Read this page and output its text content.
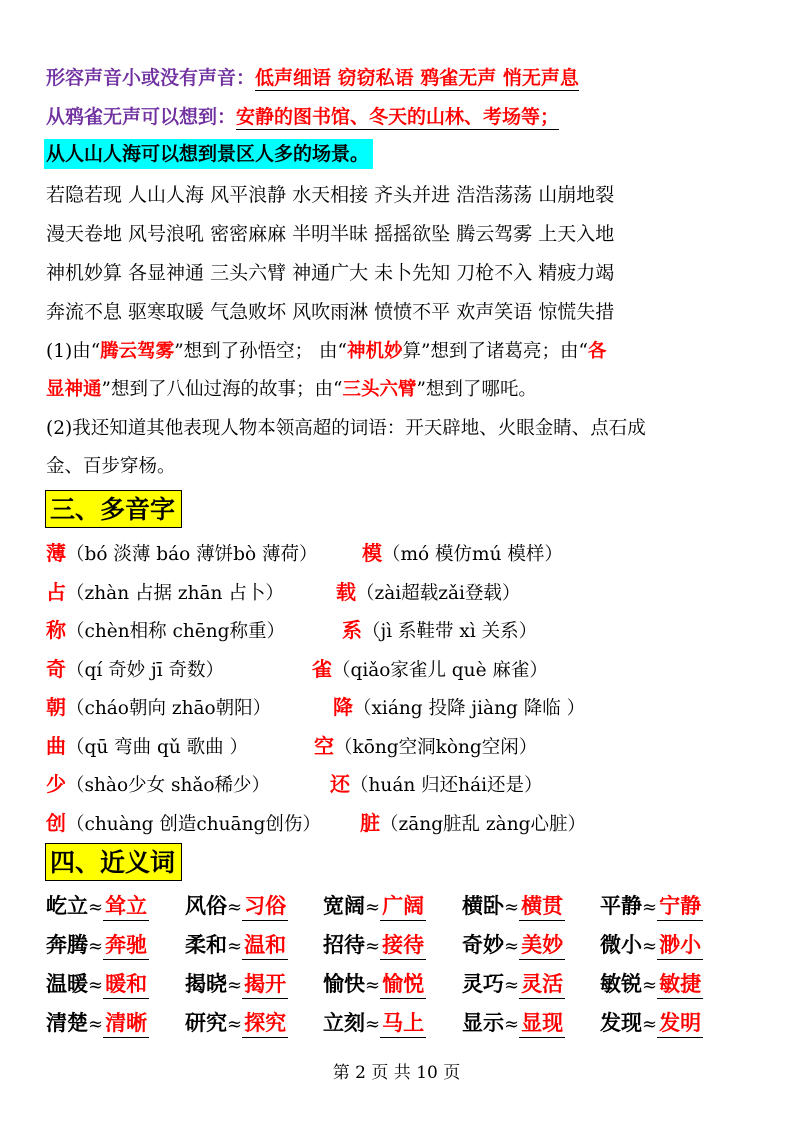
形容声音小或没有声音：低声细语 窃窃私语 鸦雀无声 悄无声息
从鸦雀无声可以想到：安静的图书馆、冬天的山林、考场等；
从人山人海可以想到景区人多的场景。
若隐若现 人山人海 风平浪静 水天相接 齐头并进 浩浩荡荡 山崩地裂
漫天卷地 风号浪吼 密密麻麻 半明半昧 摇摇欲坠 腾云驾雾 上天入地
神机妙算 各显神通 三头六臂 神通广大 未卜先知 刀枪不入 精疲力竭
奔流不息 驱寒取暖 气急败坏 风吹雨淋 愤愤不平 欢声笑语 惊慌失措
(1)由“腾云驾雾”想到了孙悟空； 由“神机妙算”想到了诸葛亮；由“各
显神通”想到了八仙过海的故事；由“三头六臂”想到了哪吒。
(2)我还知道其他表现人物本领高超的词语：开天辟地、火眼金睛、点石成
金、百步穿杨。
三、多音字
薄（bó 淡薄 báo 薄饼bò 薄荷） 模（mó 模仿mú 模样）
占（zhàn 占据 zhān 占卜）	载（zài超载zǎi登载）
称（chèn相称 chēng称重）	系（jì 系鞋带 xì 关系）
奇（qí 奇妙 jī 奇数）	雀（qiǎo家雀儿 què 麻雀）
朝（cháo朝向 zhāo朝阳）	降（xiáng 投降 jiàng 降临 ）
曲（qū 弯曲 qǔ 歌曲 ）	空（kōng空洞kòng空闲）
少（shào少女 shǎo稀少）	还（huán 归还hái还是）
创（chuàng 创造chuāng创伤） 脏（zāng脏乱 zàng心脏）
四、近义词
屹立≈耸立 风俗≈习俗 宽阔≈广阔 横卧≈横贯 平静≈宁静
奔腾≈奔驰 柔和≈温和 招待≈接待 奇妙≈美妙 微小≈渺小
温暖≈暖和 揭晓≈揭开 愉快≈愉悦 灵巧≈灵活 敏锐≈敏捷
清楚≈清晰 研究≈探究 立刻≈马上 显示≈显现 发现≈发明
第 2 页 共 10 页
